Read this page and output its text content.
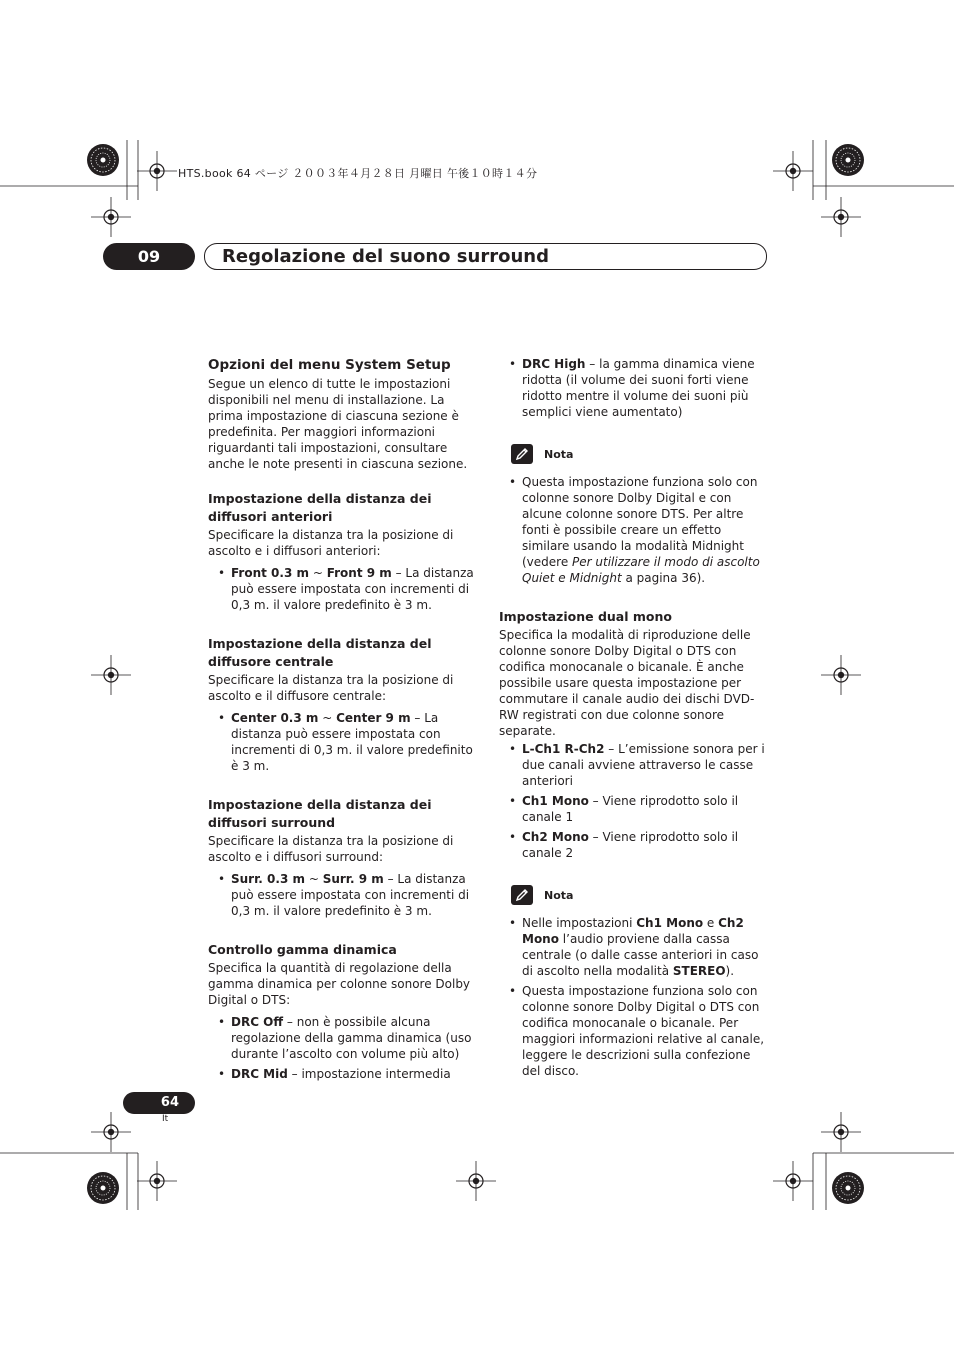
HTS.book 64 ページ ２００３年４月２８日 月曜日 午後１０時１４分
09	Regolazione del suono surround
Opzioni del menu System Setup

Segue un elenco di tutte le impostazioni disponibili nel menu di installazione. La prima impostazione di ciascuna sezione è predefinita. Per maggiori informazioni riguardanti tali impostazioni, consultare anche le note presenti in ciascuna sezione.

Impostazione della distanza dei diffusori anteriori

Specificare la distanza tra la posizione di ascolto e i diffusori anteriori:

• Front 0.3 m ~ Front 9 m – La distanza può essere impostata con incrementi di 0,3 m. il valore predefinito è 3 m.
Impostazione della distanza del diffusore centrale

Specificare la distanza tra la posizione di ascolto e il diffusore centrale:

• Center 0.3 m ~ Center 9 m – La distanza può essere impostata con incrementi di 0,3 m. il valore predefinito è 3 m.
Impostazione della distanza dei diffusori surround

Specificare la distanza tra la posizione di ascolto e i diffusori surround:

• Surr. 0.3 m ~ Surr. 9 m – La distanza può essere impostata con incrementi di 0,3 m. il valore predefinito è 3 m.
Controllo gamma dinamica

Specifica la quantità di regolazione della gamma dinamica per colonne sonore Dolby Digital o DTS:

• DRC Off – non è possibile alcuna regolazione della gamma dinamica (uso durante l’ascolto con volume più alto)
• DRC Mid – impostazione intermedia
• DRC High – la gamma dinamica viene ridotta (il volume dei suoni forti viene ridotto mentre il volume dei suoni più semplici viene aumentato)
Nota
• Questa impostazione funziona solo con colonne sonore Dolby Digital e con alcune colonne sonore DTS. Per altre fonti è possibile creare un effetto similare usando la modalità Midnight (vedere Per utilizzare il modo di ascolto Quiet e Midnight a pagina 36).
Impostazione dual mono

Specifica la modalità di riproduzione delle colonne sonore Dolby Digital o DTS con codifica monocanale o bicanale. È anche possibile usare questa impostazione per commutare il canale audio dei dischi DVD-RW registrati con due colonne sonore separate.

• L-Ch1 R-Ch2 – L’emissione sonora per i due canali avviene attraverso le casse anteriori
• Ch1 Mono – Viene riprodotto solo il canale 1
• Ch2 Mono – Viene riprodotto solo il canale 2
Nota
• Nelle impostazioni Ch1 Mono e Ch2 Mono l’audio proviene dalla cassa centrale (o dalle casse anteriori in caso di ascolto nella modalità STEREO).
• Questa impostazione funziona solo con colonne sonore Dolby Digital o DTS con codifica monocanale o bicanale. Per maggiori informazioni relative al canale, leggere le descrizioni sulla confezione del disco.
64
It
